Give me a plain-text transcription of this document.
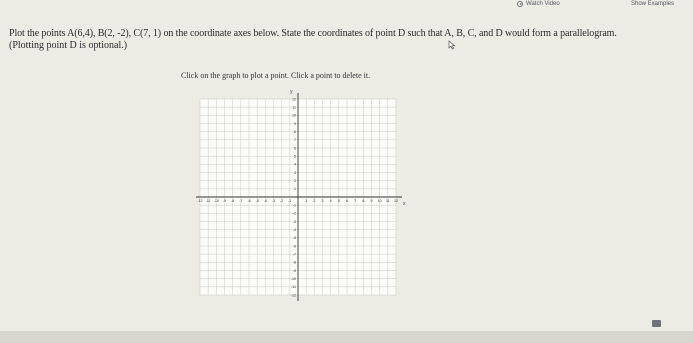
Watch Video	Show Examples
Plot the points A(6,4), B(2, -2), C(7, 1) on the coordinate axes below. State the coordinates of point D such that A, B, C, and D would form a parallelogram.
(Plotting point D is optional.)
Click on the graph to plot a point. Click a point to delete it.
-12 -11 -10 -9 -8 -7 -6 -5 -4 -3 -2 -1	1 2 3 4 5 6 7 8 9 10 11 12
12
11
10
9
8
7
6
5
4
3
2
1
-1
-2
-3
-4
-5
-6
-7
-8
-9
-10
-11
-12
x
y
